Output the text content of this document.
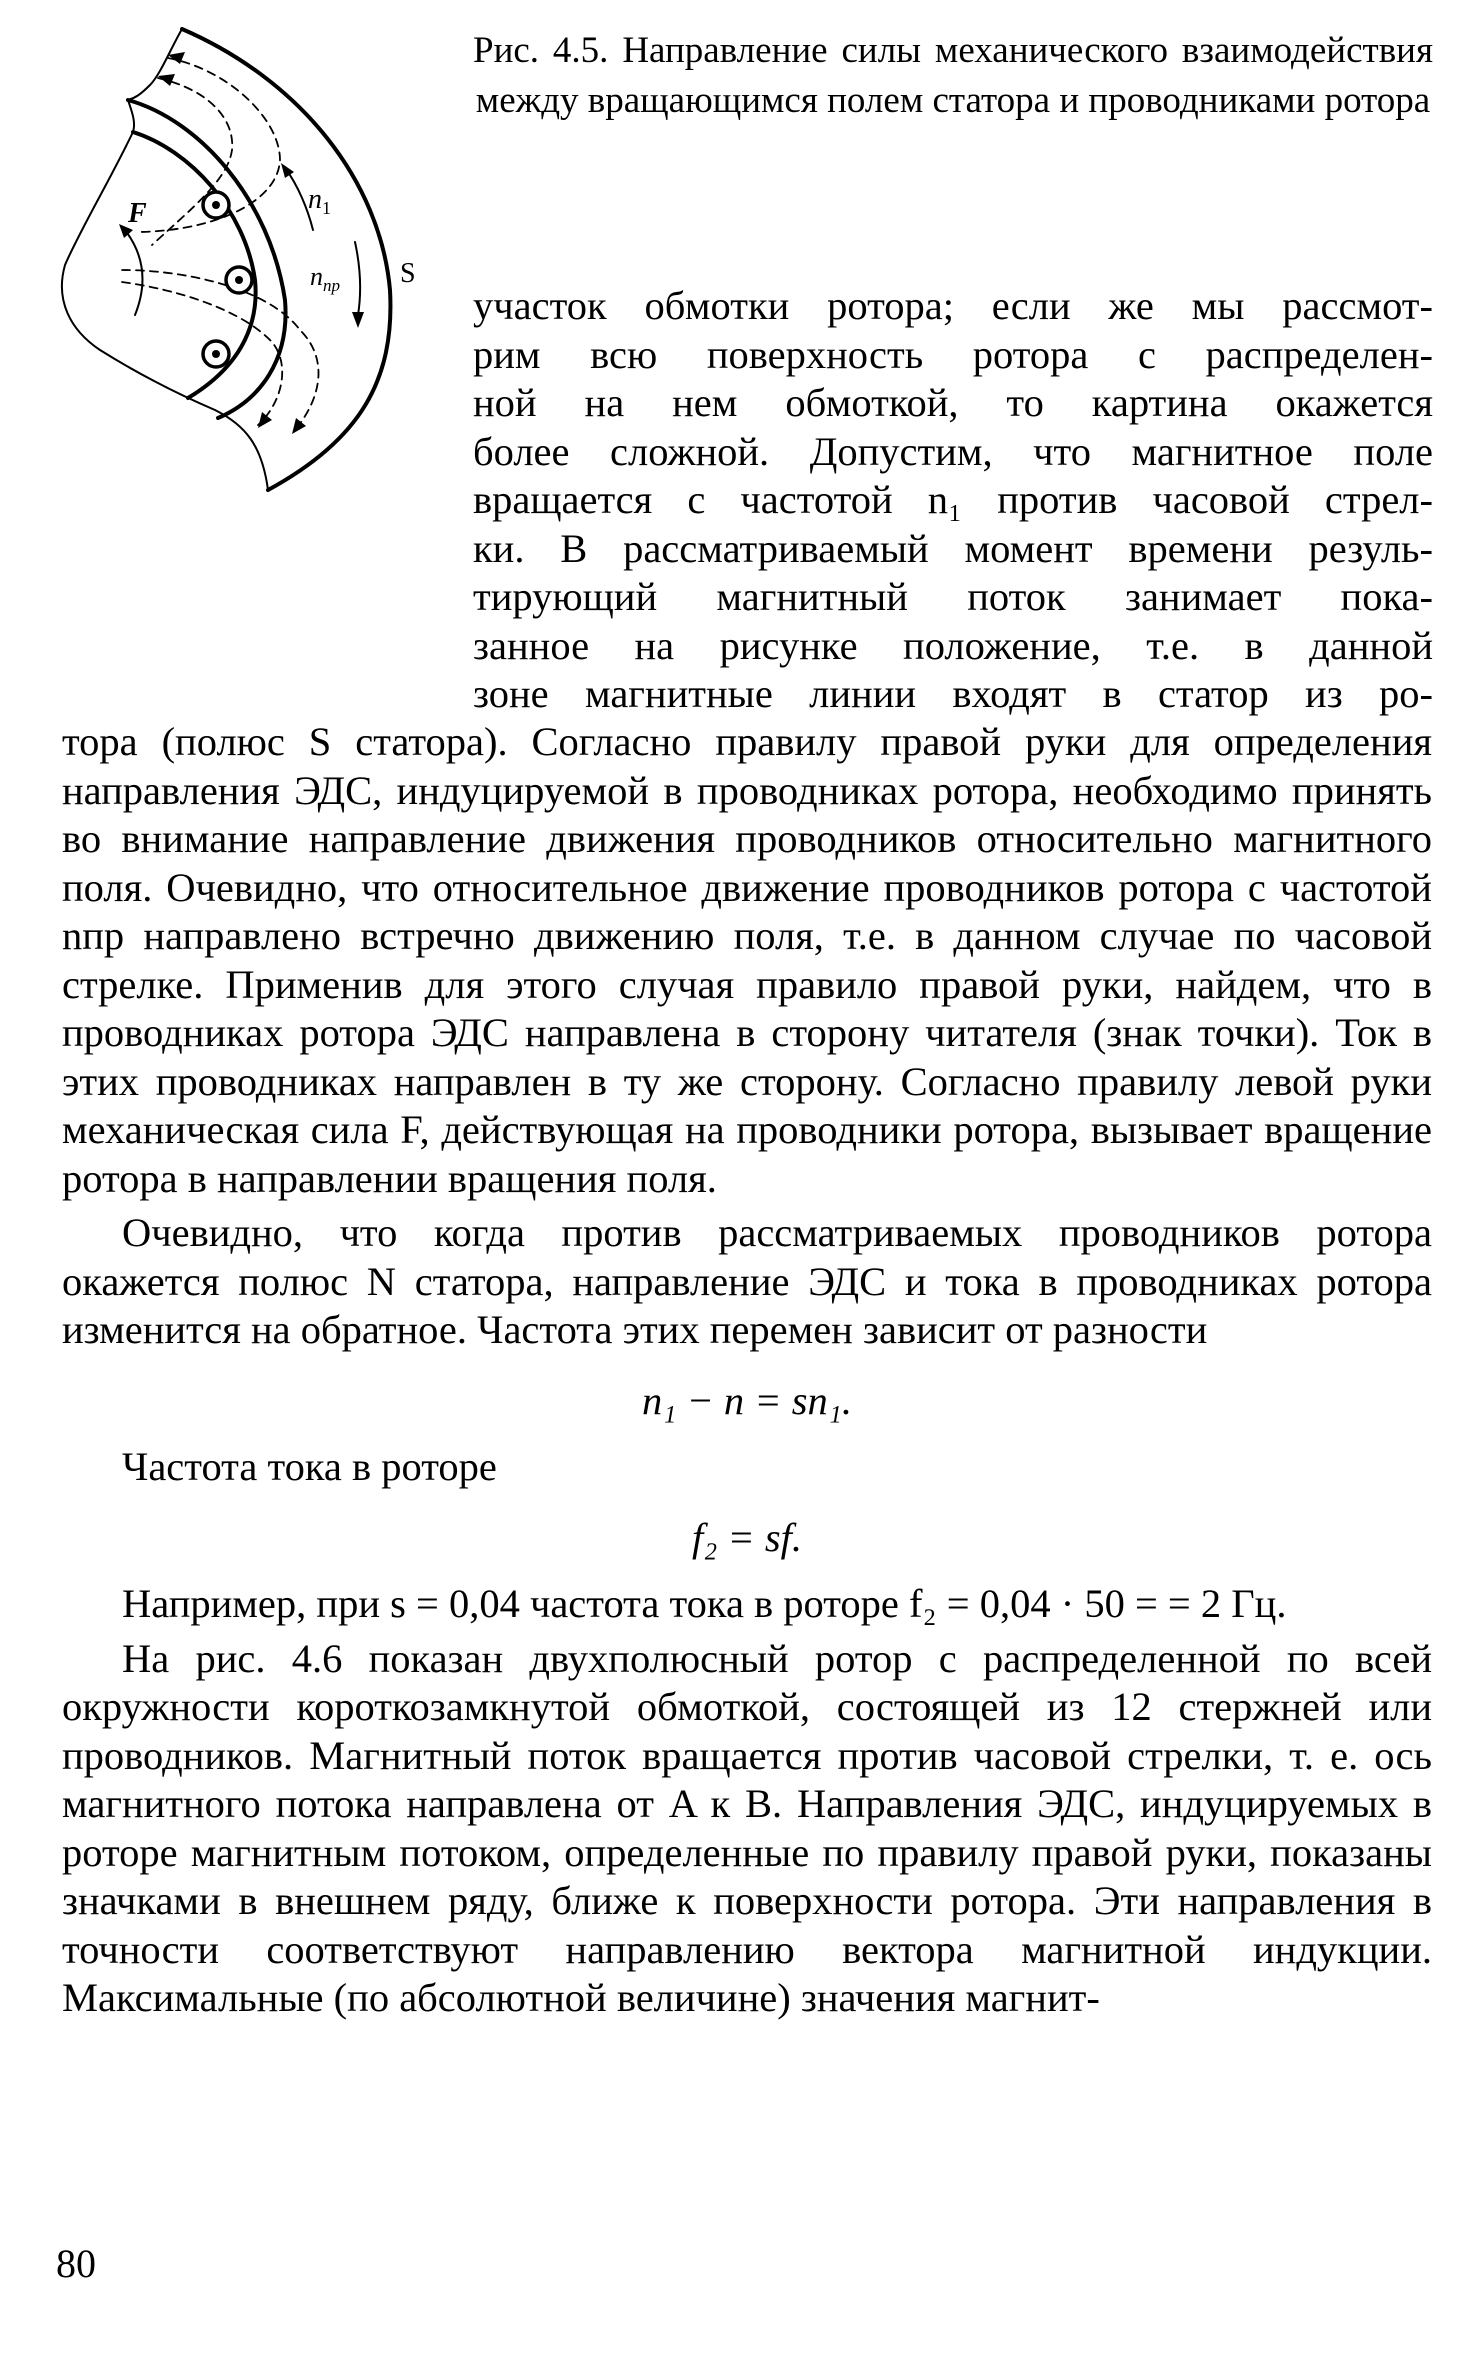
F	$n_1$
$n_{пр}$ S
Рис. 4.5. Направление силы механического взаимодействия между вращающимся полем статора и проводниками ротора
участок обмотки ротора; если же мы рассмот-
рим всю поверхность ротора с распределен-
ной на нем обмоткой, то картина окажется
более сложной. Допустим, что магнитное поле
вращается с частотой n₁ против часовой стрел-
ки. В рассматриваемый момент времени резуль-
тирующий магнитный поток занимает пока-
занное на рисунке положение, т.е. в данной
зоне магнитные линии входят в статор из ро-

тора (полюс S статора). Согласно правилу правой руки для определения направления ЭДС, индуцируемой в проводниках ротора, необходимо принять во внимание направление движения проводников относительно магнитного поля. Очевидно, что относительное движение проводников ротора с частотой nпр направлено встречно движению поля, т.е. в данном случае по часовой стрелке. Применив для этого случая правило правой руки, найдем, что в проводниках ротора ЭДС направлена в сторону читателя (знак точки). Ток в этих проводниках направлен в ту же сторону. Согласно правилу левой руки механическая сила F, действующая на проводники ротора, вызывает вращение ротора в направлении вращения поля.

Очевидно, что когда против рассматриваемых проводников ротора окажется полюс N статора, направление ЭДС и тока в проводниках ротора изменится на обратное. Частота этих перемен зависит от разности

n₁ − n = sn₁.

Частота тока в роторе

f₂ = sf.

Например, при s = 0,04 частота тока в роторе f₂ = 0,04 · 50 = = 2 Гц.

На рис. 4.6 показан двухполюсный ротор с распределенной по всей окружности короткозамкнутой обмоткой, состоящей из 12 стержней или проводников. Магнитный поток вращается против часовой стрелки, т. е. ось магнитного потока направлена от A к B. Направления ЭДС, индуцируемых в роторе магнитным потоком, определенные по правилу правой руки, показаны значками в внешнем ряду, ближе к поверхности ротора. Эти направления в точности соответствуют направлению вектора магнитной индукции. Максимальные (по абсолютной величине) значения магнит-

80
